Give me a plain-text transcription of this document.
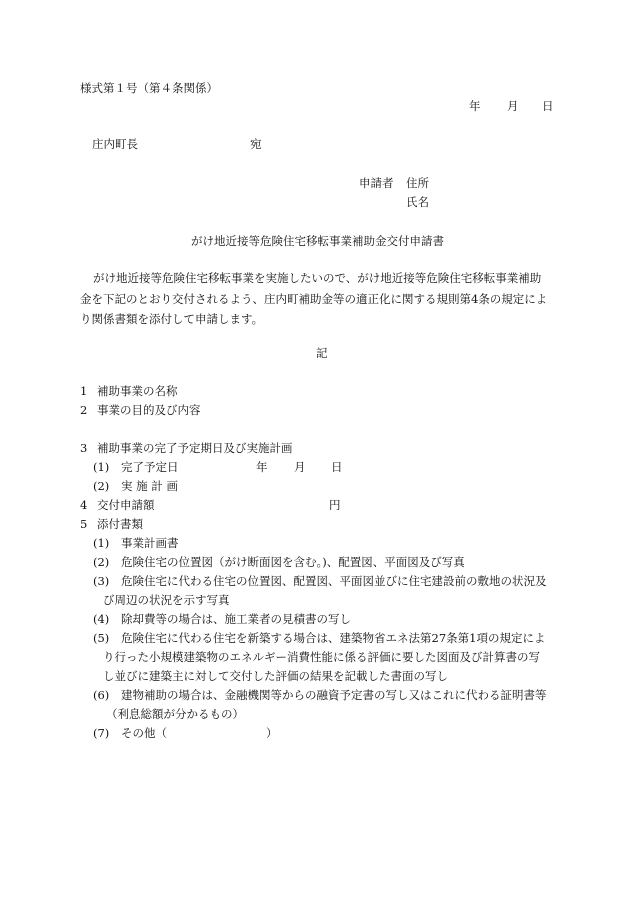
様式第１号（第４条関係）
年 月 日
庄内町長	宛
申請者 住所
氏名
がけ地近接等危険住宅移転事業補助金交付申請書
がけ地近接等危険住宅移転事業を実施したいので、がけ地近接等危険住宅移転事業補助
金を下記のとおり交付されるよう、庄内町補助金等の適正化に関する規則第4条の規定によ
り関係書類を添付して申請します。
記
1 補助事業の名称
2 事業の目的及び内容
3 補助事業の完了予定期日及び実施計画
(1) 完了予定日	年 月 日
(2) 実 施 計 画
4 交付申請額	円
5 添付書類
(1) 事業計画書
(2) 危険住宅の位置図（がけ断面図を含む。)、配置図、平面図及び写真
(3) 危険住宅に代わる住宅の位置図、配置図、平面図並びに住宅建設前の敷地の状況及
び周辺の状況を示す写真
(4) 除却費等の場合は、施工業者の見積書の写し
(5) 危険住宅に代わる住宅を新築する場合は、建築物省エネ法第27条第1項の規定によ
り行った小規模建築物のエネルギー消費性能に係る評価に要した図面及び計算書の写
し並びに建築主に対して交付した評価の結果を記載した書面の写し
(6) 建物補助の場合は、金融機関等からの融資予定書の写し又はこれに代わる証明書等
（利息総額が分かるもの）
(7) その他（	）
